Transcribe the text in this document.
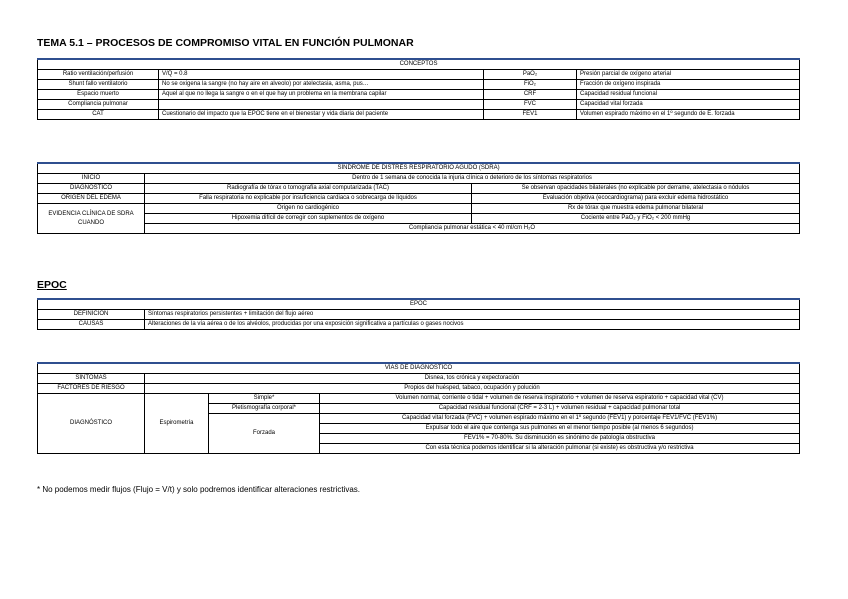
TEMA 5.1 – PROCESOS DE COMPROMISO VITAL EN FUNCIÓN PULMONAR
CONCEPTOS			
Ratio ventilación/perfusión	V/Q = 0.8	PaO₂	Presión parcial de oxígeno arterial
Shunt fallo ventilatorio	No se oxigena la sangre (no hay aire en alveolo) por atelectasia, asma, pus…	FiO₂	Fracción de oxígeno inspirada
Espacio muerto	Aquel al que no llega la sangre o en el que hay un problema en la membrana capilar	CRF	Capacidad residual funcional
Compliancia pulmonar		FVC	Capacidad vital forzada
CAT	Cuestionario del impacto que la EPOC tiene en el bienestar y vida diaria del paciente	FEV1	Volumen espirado máximo en el 1º segundo de E. forzada
SÍNDROME DE DISTRÉS RESPIRATORIO AGUDO (SDRA)		
INICIO	Dentro de 1 semana de conocida la injuria clínica o deterioro de los síntomas respiratorios	
DIAGNÓSTICO	Radiografía de tórax o tomografía axial computarizada (TAC)	Se observan opacidades bilaterales (no explicable por derrame, atelectasia o nódulos
ORIGEN DEL EDEMA	Falla respiratoria no explicable por insuficiencia cardiaca o sobrecarga de líquidos	Evaluación objetiva (ecocardiograma) para excluir edema hidrostático
EVIDENCIA CLÍNICA DE SDRA CUANDO	Origen no cardiogénico	Rx de tórax que muestra edema pulmonar bilateral
	Hipoxemia difícil de corregir con suplementos de oxígeno	Cociente entre PaO₂ y FiO₂ < 200 mmHg
	Compliancia pulmonar estática < 40 ml/cm H₂O	
EPOC
EPOC	
DEFINICIÓN	Síntomas respiratorios persistentes + limitación del flujo aéreo
CAUSAS	Alteraciones de la vía aérea o de los alvéolos, producidas por una exposición significativa a partículas o gases nocivos
VÍAS DE DIAGNÓSTICO			
SÍNTOMAS	Disnea, tos crónica y expectoración		
FACTORES DE RIESGO	Propios del huésped, tabaco, ocupación y polución		
DIAGNÓSTICO	Espirometría	Simple*	Volumen normal, corriente o tidal + volumen de reserva inspiratorio + volumen de reserva espiratorio + capacidad vital (CV)
		Pletismografía corporal*	Capacidad residual funcional (CRF = 2-3 L) + volumen residual + capacidad pulmonar total
		Forzada	Capacidad vital forzada (FVC) + volumen espirado máximo en el 1º segundo (FEV1) y porcentaje FEV1/FVC (FEV1%)
			Expulsar todo el aire que contenga sus pulmones en el menor tiempo posible (al menos 6 segundos)
			FEV1% = 70-80%. Su disminución es sinónimo de patología obstructiva
			Con esta técnica podemos identificar si la alteración pulmonar (si existe) es obstructiva y/o restrictiva
* No podemos medir flujos (Flujo = V/t) y solo podremos identificar alteraciones restrictivas.
